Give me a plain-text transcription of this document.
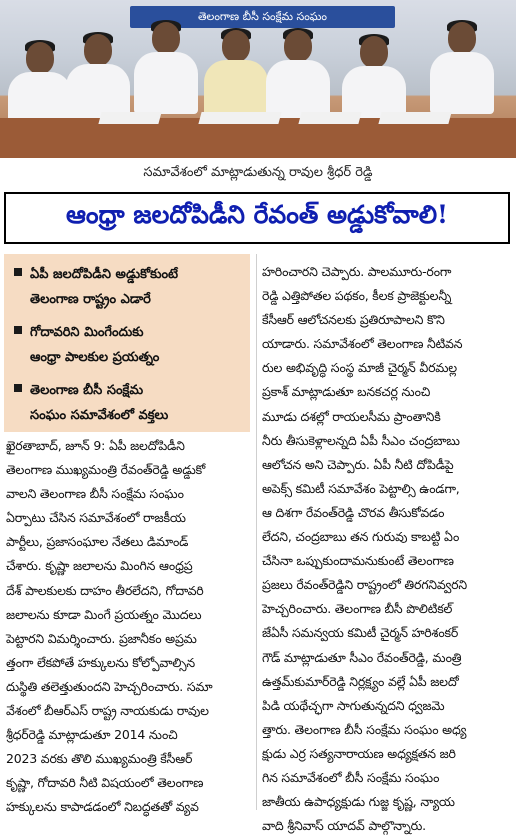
తెలంగాణ బీసీ సంక్షేమ సంఘం
సమావేశంలో మాట్లాడుతున్న రావుల శ్రీధర్‌ రెడ్డి
ఆంధ్రా జలదోపిడీని రేవంత్‌ అడ్డుకోవాలి!
ఏపీ జలదోపిడీని అడ్డుకోకుంటే
తెలంగాణ రాష్ట్రం ఎడారే
గోదావరిని మింగేందుకు
ఆంధ్రా పాలకుల ప్రయత్నం
తెలంగాణ బీసీ సంక్షేమ
సంఘం సమావేశంలో వక్తలు
ఖైరతాబాద్‌, జూన్‌ 9: ఏపీ జలదోపిడీని
తెలంగాణ ముఖ్యమంత్రి రేవంత్‌రెడ్డి అడ్డుకో
వాలని తెలంగాణ బీసీ సంక్షేమ సంఘం
ఏర్పాటు చేసిన సమావేశంలో రాజకీయ
పార్టీలు, ప్రజాసంఘాల నేతలు డిమాండ్‌
చేశారు. కృష్ణా జలాలను మింగిన ఆంధ్రప్ర
దేశ్‌ పాలకులకు దాహం తీరలేదని, గోదావరి
జలాలను కూడా మింగే ప్రయత్నం మొదలు
పెట్టారని విమర్శించారు. ప్రజానీకం అప్రమ
త్తంగా లేకపోతే హక్కులను కోల్పోవాల్సిన
దుస్థితి తలెత్తుతుందని హెచ్చరించారు. సమా
వేశంలో బీఆర్‌ఎస్‌ రాష్ట్ర నాయకుడు రావుల
శ్రీధర్‌రెడ్డి మాట్లాడుతూ 2014 నుంచి
2023 వరకు తొలి ముఖ్యమంత్రి కేసీఆర్‌
కృష్ణా, గోదావరి నీటి విషయంలో తెలంగాణ
హక్కులను కాపాడడంలో నిబద్ధతతో వ్యవ
హరించారని చెప్పారు. పాలమూరు-రంగా
రెడ్డి ఎత్తిపోతల పథకం, కీలక ప్రాజెక్టులన్నీ
కేసీఆర్‌ ఆలోచనలకు ప్రతిరూపాలని కొని
యాడారు. సమావేశంలో తెలంగాణ నీటివన
రుల అభివృద్ధి సంస్థ మాజీ చైర్మన్‌ వీరమల్ల
ప్రకాశ్‌ మాట్లాడుతూ బనకచర్ల నుంచి
మూడు దశల్లో రాయలసీమ ప్రాంతానికి
నీరు తీసుకెళ్లాలన్నది ఏపీ సీఎం చంద్రబాబు
ఆలోచన అని చెప్పారు. ఏపీ నీటి దోపిడీపై
అపెక్స్‌ కమిటీ సమావేశం పెట్టాల్సి ఉండగా,
ఆ దిశగా రేవంత్‌రెడ్డి చొరవ తీసుకోవడం
లేదని, చంద్రబాబు తన గురువు కాబట్టి ఏం
చేసినా ఒప్పుకుందామనుకుంటే తెలంగాణ
ప్రజలు రేవంత్‌రెడ్డిని రాష్ట్రంలో తిరగనివ్వరని
హెచ్చరించారు. తెలంగాణ బీసీ పొలిటికల్‌
జేఏసీ సమన్వయ కమిటీ చైర్మన్‌ హరిశంకర్‌
గౌడ్‌ మాట్లాడుతూ సీఎం రేవంత్‌రెడ్డి, మంత్రి
ఉత్తమ్‌కుమార్‌రెడ్డి నిర్లక్ష్యం వల్లే ఏపీ జలదో
పిడి యథేచ్ఛగా సాగుతున్నదని ధ్వజమె
త్తారు. తెలంగాణ బీసీ సంక్షేమ సంఘం అధ్య
క్షుడు ఎర్ర సత్యనారాయణ అధ్యక్షతన జరి
గిన సమావేశంలో బీసీ సంక్షేమ సంఘం
జాతీయ ఉపాధ్యక్షుడు గుజ్జ కృష్ణ, న్యాయ
వాది శ్రీనివాస్‌ యాదవ్‌ పాల్గొన్నారు.
